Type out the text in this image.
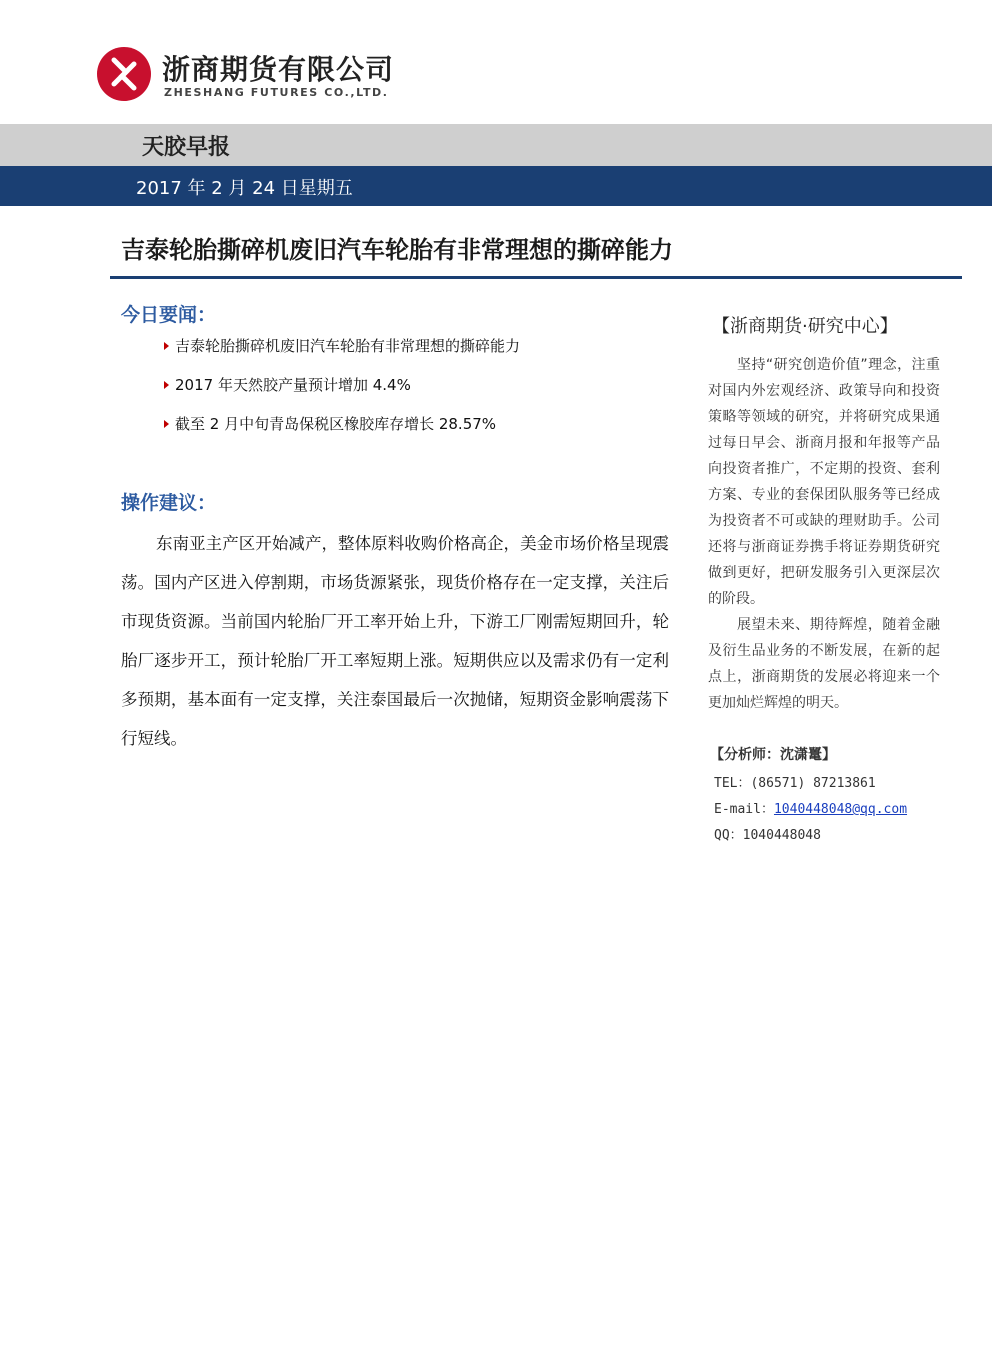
浙商期货有限公司
ZHESHANG FUTURES CO.,LTD.
天胶早报
2017 年 2 月 24 日星期五
吉泰轮胎撕碎机废旧汽车轮胎有非常理想的撕碎能力
今日要闻：
吉泰轮胎撕碎机废旧汽车轮胎有非常理想的撕碎能力
2017 年天然胶产量预计增加 4.4%
截至 2 月中旬青岛保税区橡胶库存增长 28.57%
操作建议：
东南亚主产区开始减产，整体原料收购价格高企，美金市场价格呈现震荡。国内产区进入停割期，市场货源紧张，现货价格存在一定支撑，关注后市现货资源。当前国内轮胎厂开工率开始上升，下游工厂刚需短期回升，轮胎厂逐步开工，预计轮胎厂开工率短期上涨。短期供应以及需求仍有一定利多预期，基本面有一定支撑，关注泰国最后一次抛储，短期资金影响震荡下行短线。
【浙商期货·研究中心】
坚持“研究创造价值”理念，注重对国内外宏观经济、政策导向和投资策略等领域的研究，并将研究成果通过每日早会、浙商月报和年报等产品向投资者推广，不定期的投资、套利方案、专业的套保团队服务等已经成为投资者不可或缺的理财助手。公司还将与浙商证券携手将证券期货研究做到更好，把研发服务引入更深层次的阶段。
展望未来、期待辉煌，随着金融及衍生品业务的不断发展，在新的起点上，浙商期货的发展必将迎来一个更加灿烂辉煌的明天。
【分析师：沈潇鼍】
TEL：(86571) 87213861
E-mail：1040448048@qq.com
QQ：1040448048
